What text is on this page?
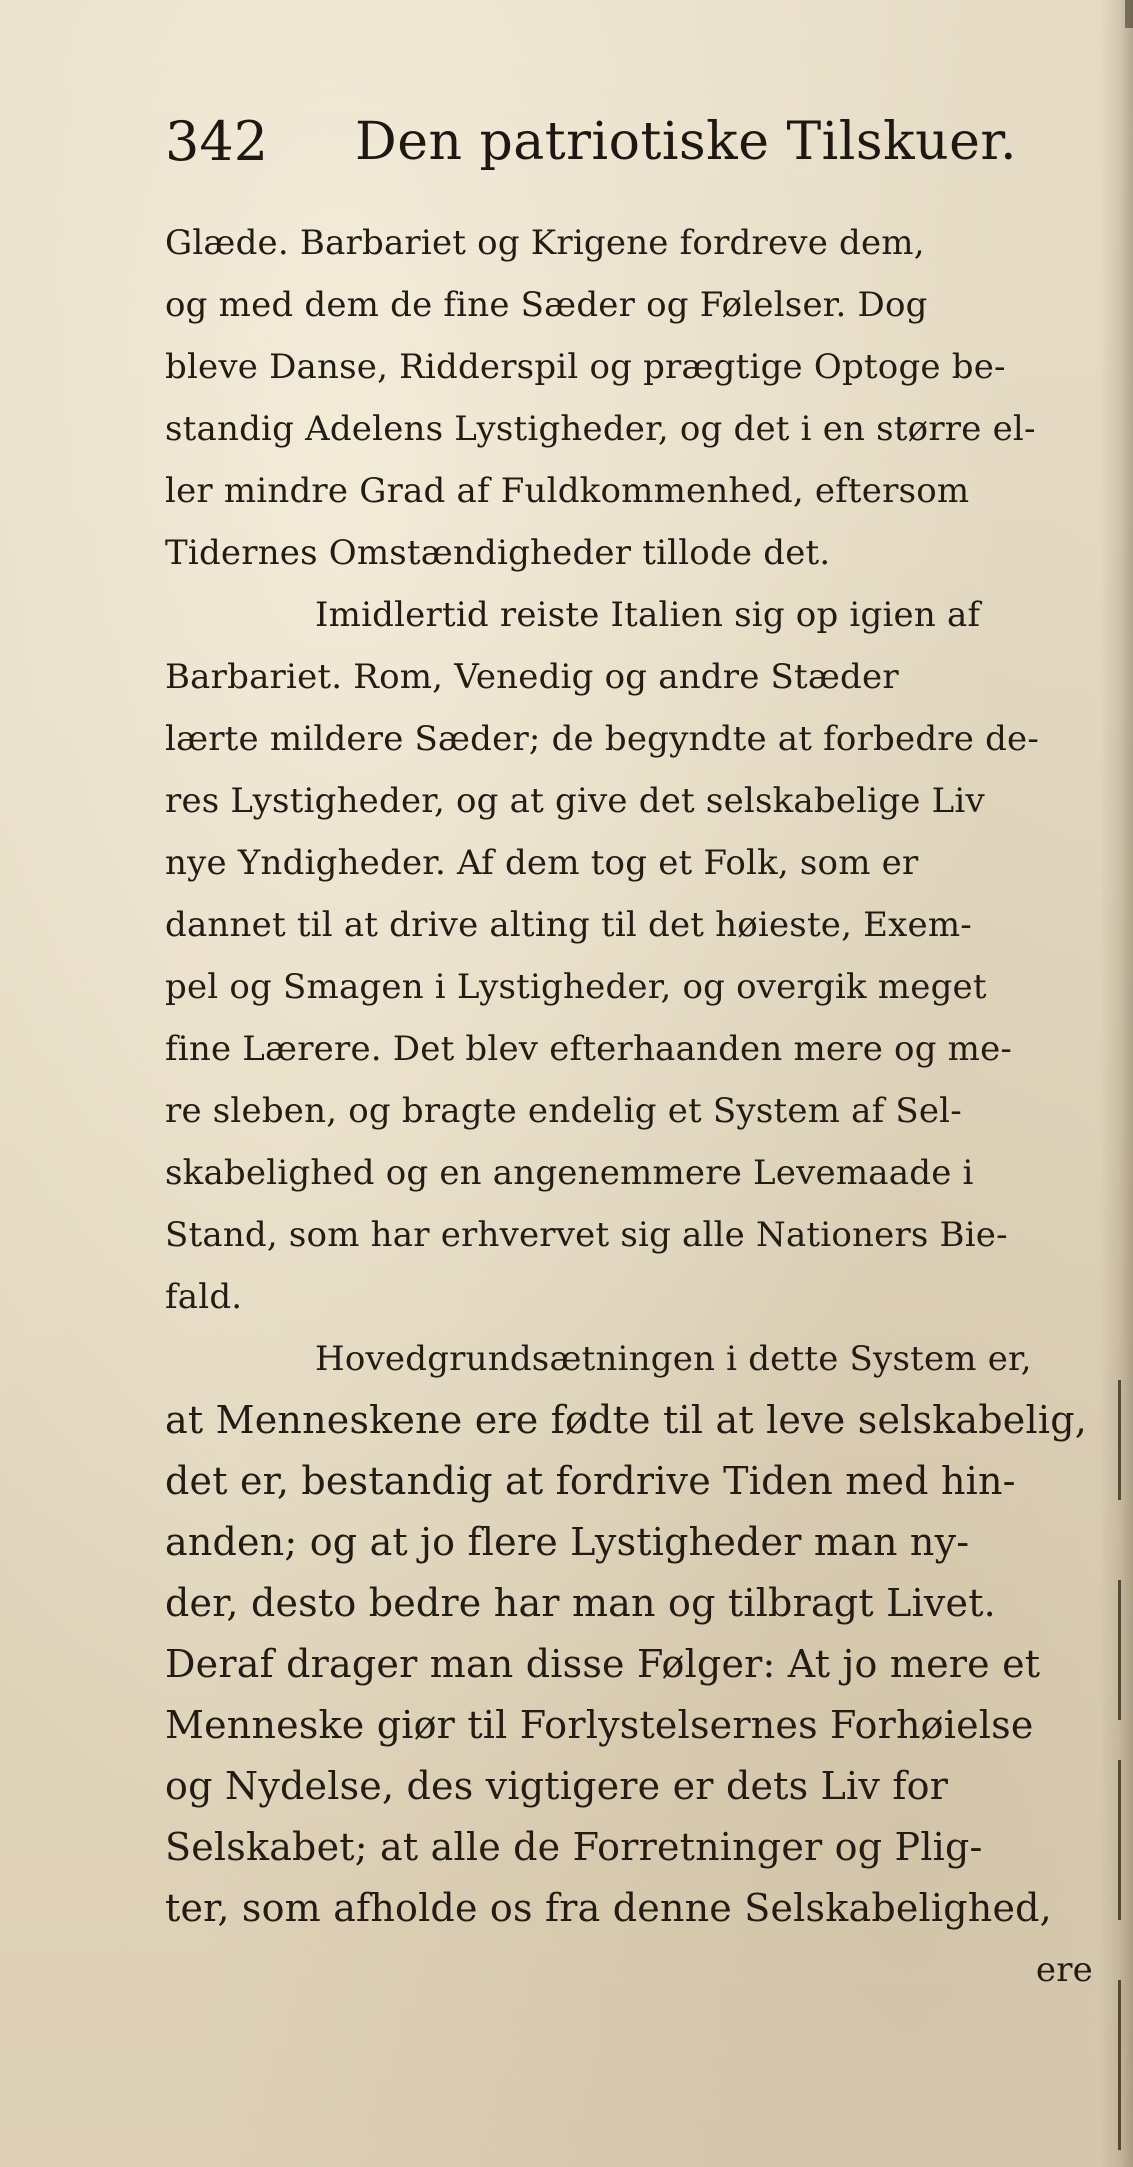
342 Den patriotiske Tilskuer.
Glæde. Barbariet og Krigene fordreve dem,
og med dem de fine Sæder og Følelser. Dog
bleve Danse, Ridderspil og prægtige Optoge be-
standig Adelens Lystigheder, og det i en større el-
ler mindre Grad af Fuldkommenhed, eftersom
Tidernes Omstændigheder tillode det.
Imidlertid reiste Italien sig op igien af
Barbariet. Rom, Venedig og andre Stæder
lærte mildere Sæder; de begyndte at forbedre de-
res Lystigheder, og at give det selskabelige Liv
nye Yndigheder. Af dem tog et Folk, som er
dannet til at drive alting til det høieste, Exem-
pel og Smagen i Lystigheder, og overgik meget
fine Lærere. Det blev efterhaanden mere og me-
re sleben, og bragte endelig et System af Sel-
skabelighed og en angenemmere Levemaade i
Stand, som har erhvervet sig alle Nationers Bie-
fald.
Hovedgrundsætningen i dette System er,
at Menneskene ere fødte til at leve selskabelig,
det er, bestandig at fordrive Tiden med hin-
anden; og at jo flere Lystigheder man ny-
der, desto bedre har man og tilbragt Livet.
Deraf drager man disse Følger: At jo mere et
Menneske giør til Forlystelsernes Forhøielse
og Nydelse, des vigtigere er dets Liv for
Selskabet; at alle de Forretninger og Plig-
ter, som afholde os fra denne Selskabelighed,
ere
